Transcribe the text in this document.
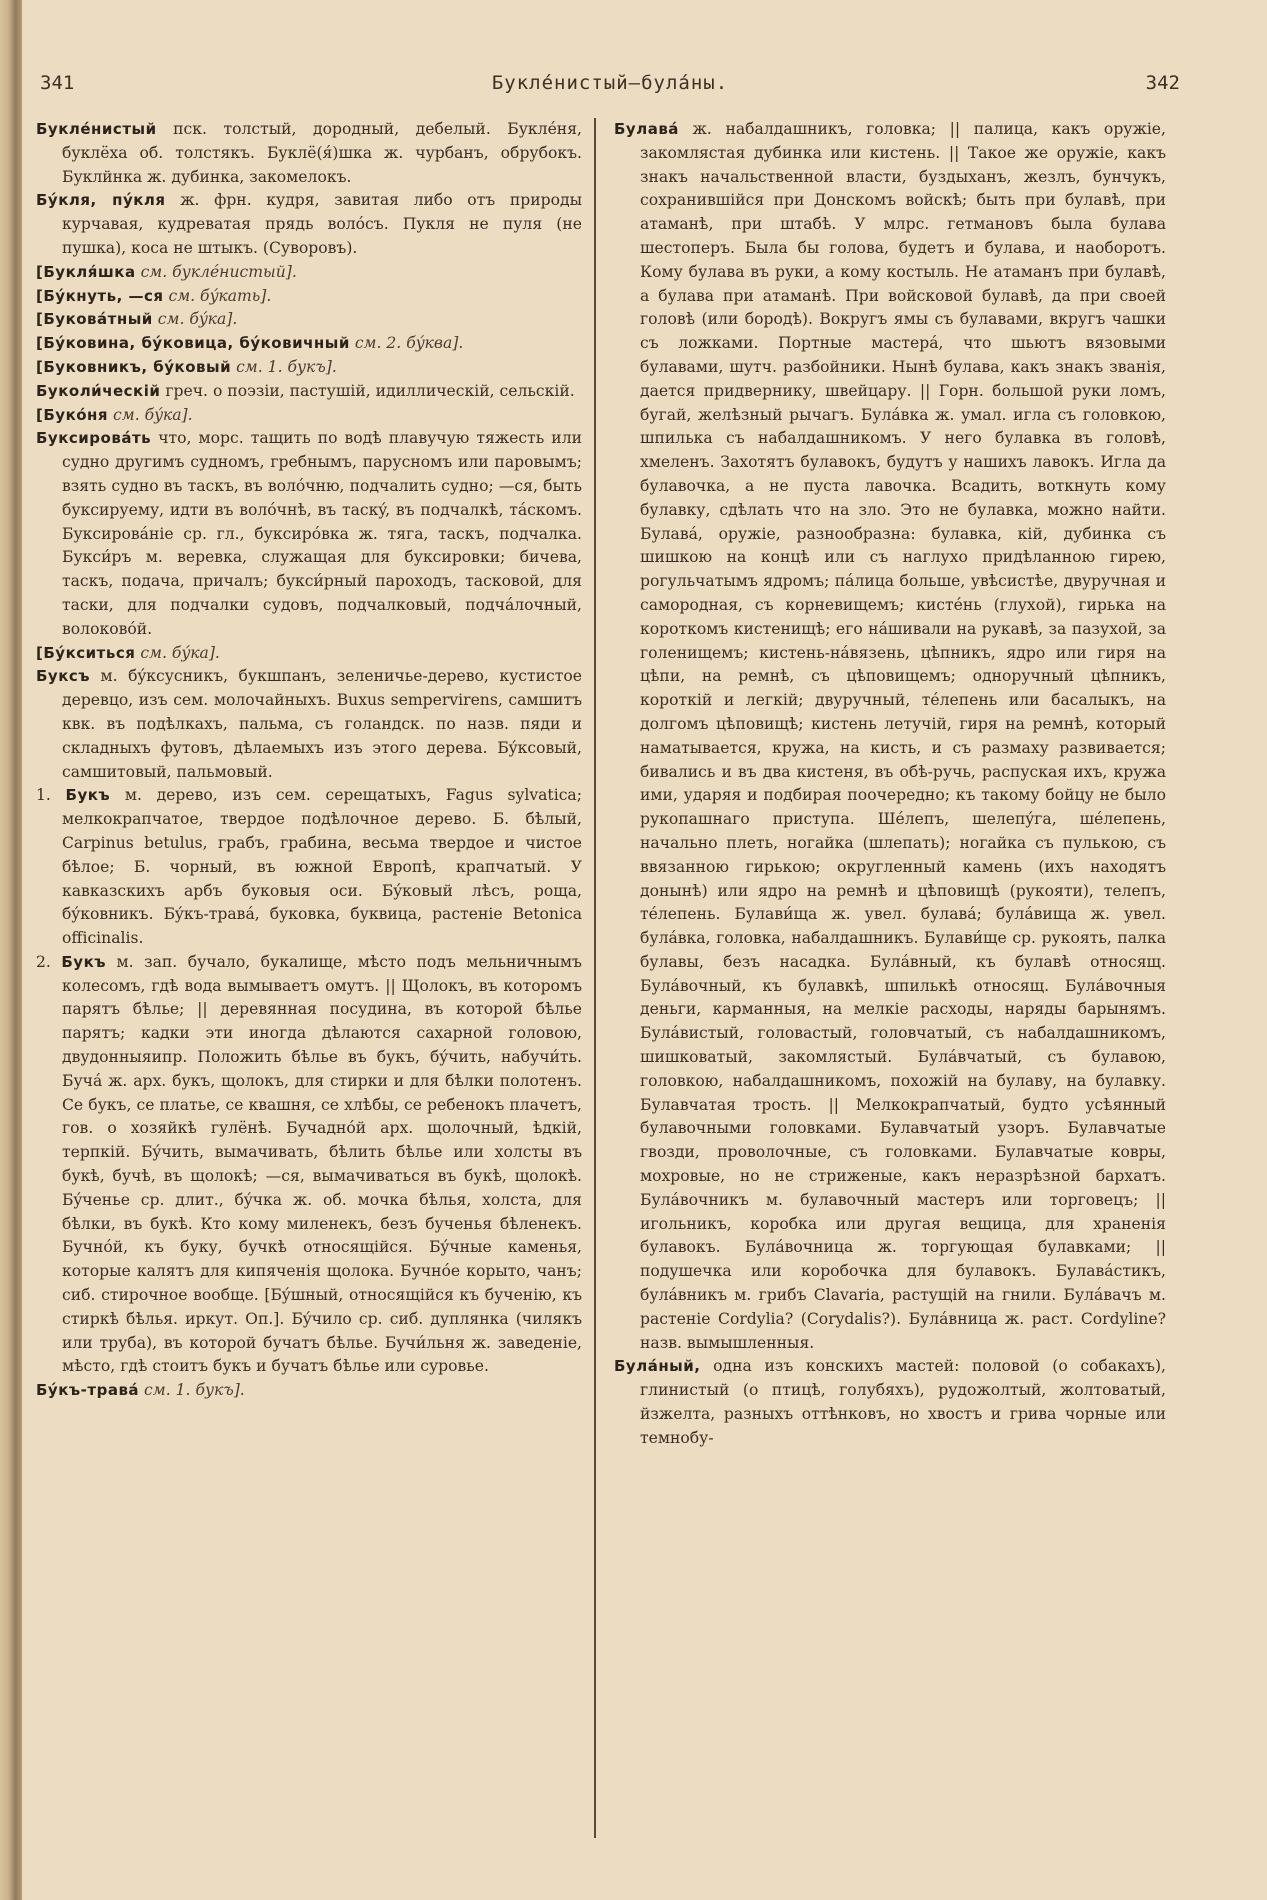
341	Буклéнистый—булáны.	342

Буклéнистый пск. толстый, дородный, дебелый. Буклéня, буклёха об. толстякъ. Буклё(я́)шка ж. чурбанъ, обрубокъ. Буклйнка ж. дубинка, закомелокъ.

Бýкля, пýкля ж. фрн. кудря, завитая либо отъ природы курчавая, кудреватая прядь волóсъ. Пукля не пуля (не пушка), коса не штыкъ. (Суворовъ).

[Букля́шка см. буклéнистый].

[Бýкнуть, —ся см. бýкать].

[Буковáтный см. бýка].

[Бýковина, бýковица, бýковичный см. 2. бýква].

[Буковникъ, бýковый см. 1. букъ].

Буколи́ческій греч. о поэзіи, пастушій, идиллическій, сельскій.

[Букóня см. бýка].

Буксировáть что, морс. тащить по водѣ плавучую тяжесть или судно другимъ судномъ, гребнымъ, парусномъ или паровымъ; взять судно въ таскъ, въ волóчню, подчалить судно; —ся, быть буксируему, идти въ волóчнѣ, въ таскý, въ подчалкѣ, тáскомъ. Буксировáніе ср. гл., буксирóвка ж. тяга, таскъ, подчалка. Букси́ръ м. веревка, служащая для буксировки; бичева, таскъ, подача, причалъ; букси́рный пароходъ, тасковой, для таски, для подчалки судовъ, подчалковый, подчáлочный, волоковóй.

[Бýкситься см. бýка].

Буксъ м. бýксусникъ, букшпанъ, зеленичье-дерево, кустистое деревцо, изъ сем. молочайныхъ. Buxus sempervirens, самшитъ квк. въ подѣлкахъ, пальма, съ голандск. по назв. пяди и складныхъ футовъ, дѣлаемыхъ изъ этого дерева. Бýксовый, самшитовый, пальмовый.

1. Букъ м. дерево, изъ сем. серещатыхъ, Fagus sylvatica; мелкокрапчатое, твердое подѣлочное дерево. Б. бѣлый, Carpinus betulus, грабъ, грабина, весьма твердое и чистое бѣлое; Б. чорный, въ южной Европѣ, крапчатый. У кавказскихъ арбъ буковыя оси. Бýковый лѣсъ, роща, бýковникъ. Бýкъ-травá, буковка, буквица, растеніе Betonica officinalis.

2. Букъ м. зап. бучало, букалище, мѣсто подъ мельничнымъ колесомъ, гдѣ вода вымываетъ омутъ. || Щолокъ, въ которомъ парятъ бѣлье; || деревянная посудина, въ которой бѣлье парятъ; кадки эти иногда дѣлаются сахарной головою, двудонныяипр. Положить бѣлье въ букъ, бýчить, набучи́ть. Бучá ж. арх. букъ, щолокъ, для стирки и для бѣлки полотенъ. Се букъ, се платье, се квашня, се хлѣбы, се ребенокъ плачетъ, гов. о хозяйкѣ гулёнѣ. Бучаднóй арх. щолочный, ѣдкій, терпкій. Бýчить, вымачивать, бѣлить бѣлье или холсты въ букѣ, бучѣ, въ щолокѣ; —ся, вымачиваться въ букѣ, щолокѣ. Бýченье ср. длит., бýчка ж. об. мочка бѣлья, холста, для бѣлки, въ букѣ. Кто кому миленекъ, безъ бученья бѣленекъ. Бучнóй, къ буку, бучкѣ относящійся. Бýчные каменья, которые калятъ для кипяченія щолока. Бучнóе корыто, чанъ; сиб. стирочное вообще. [Бýшный, относящійся къ бученію, къ стиркѣ бѣлья. иркут. Оп.]. Бýчило ср. сиб. дуплянка (чилякъ или труба), въ которой бучатъ бѣлье. Бучи́льня ж. заведеніе, мѣсто, гдѣ стоитъ букъ и бучатъ бѣлье или суровье.

Бýкъ-травá см. 1. букъ].

Булавá ж. набалдашникъ, головка; || палица, какъ оружіе, закомлястая дубинка или кистень. || Такое же оружіе, какъ знакъ начальственной власти, буздыханъ, жезлъ, бунчукъ, сохранившійся при Донскомъ войскѣ; быть при булавѣ, при атаманѣ, при штабѣ. У млрс. гетмановъ была булава шестоперъ. Была бы голова, будетъ и булава, и наоборотъ. Кому булава въ руки, а кому костыль. Не атаманъ при булавѣ, а булава при атаманѣ. При войсковой булавѣ, да при своей головѣ (или бородѣ). Вокругъ ямы съ булавами, вкругъ чашки съ ложками. Портные мастерá, что шьютъ вязовыми булавами, шутч. разбойники. Нынѣ булава, какъ знакъ званія, дается придвернику, швейцару. || Горн. большой руки ломъ, бугай, желѣзный рычагъ. Булáвка ж. умал. игла съ головкою, шпилька съ набалдашникомъ. У него булавка въ головѣ, хмеленъ. Захотятъ булавокъ, будутъ у нашихъ лавокъ. Игла да булавочка, а не пуста лавочка. Всадить, воткнуть кому булавку, сдѣлать что на зло. Это не булавка, можно найти. Булавá, оружіе, разнообразна: булавка, кій, дубинка съ шишкою на концѣ или съ наглухо придѣланною гирею, рогульчатымъ ядромъ; пáлица больше, увѣсистѣе, двуручная и самородная, съ корневищемъ; кистéнь (глухой), гирька на короткомъ кистенищѣ; его нáшивали на рукавѣ, за пазухой, за голенищемъ; кистень-нáвязень, цѣпникъ, ядро или гиря на цѣпи, на ремнѣ, съ цѣповищемъ; одноручный цѣпникъ, короткій и легкій; двуручный, тéлепень или басалыкъ, на долгомъ цѣповищѣ; кистень летучій, гиря на ремнѣ, который наматывается, кружа, на кисть, и съ размаху развивается; бивались и въ два кистеня, въ обѣ-ручь, распуская ихъ, кружа ими, ударяя и подбирая поочередно; къ такому бойцу не было рукопашнаго приступа. Шéлепъ, шелепýга, шéлепень, начально плеть, ногайка (шлепать); ногайка съ пулькою, съ ввязанною гирькою; округленный камень (ихъ находятъ донынѣ) или ядро на ремнѣ и цѣповищѣ (рукояти), телепъ, тéлепень. Булави́ща ж. увел. булавá; булáвища ж. увел. булáвка, головка, набалдашникъ. Булави́ще ср. рукоять, палка булавы, безъ насадка. Булáвный, къ булавѣ относящ. Булáвочный, къ булавкѣ, шпилькѣ относящ. Булáвочныя деньги, карманныя, на мелкіе расходы, наряды барынямъ. Булáвистый, головастый, головчатый, съ набалдашникомъ, шишковатый, закомлястый. Булáвчатый, съ булавою, головкою, набалдашникомъ, похожій на булаву, на булавку. Булавчатая трость. || Мелкокрапчатый, будто усѣянный булавочными головками. Булавчатый узоръ. Булавчатые гвозди, проволочные, съ головками. Булавчатые ковры, мохровые, но не стриженые, какъ неразрѣзной бархатъ. Булáвочникъ м. булавочный мастеръ или торговецъ; || игольникъ, коробка или другая вещица, для храненія булавокъ. Булáвочница ж. торгующая булавками; || подушечка или коробочка для булавокъ. Булавáстикъ, булáвникъ м. грибъ Clavaria, растущій на гнили. Булáвачъ м. растеніе Cordylia? (Corydalis?). Булáвница ж. раст. Cordyline? назв. вымышленныя.

Булáный, одна изъ конскихъ мастей: половой (о собакахъ), глинистый (о птицѣ, голубяхъ), рудожолтый, жолтоватый, йзжелта, разныхъ оттѣнковъ, но хвостъ и грива чорные или темнобу-
